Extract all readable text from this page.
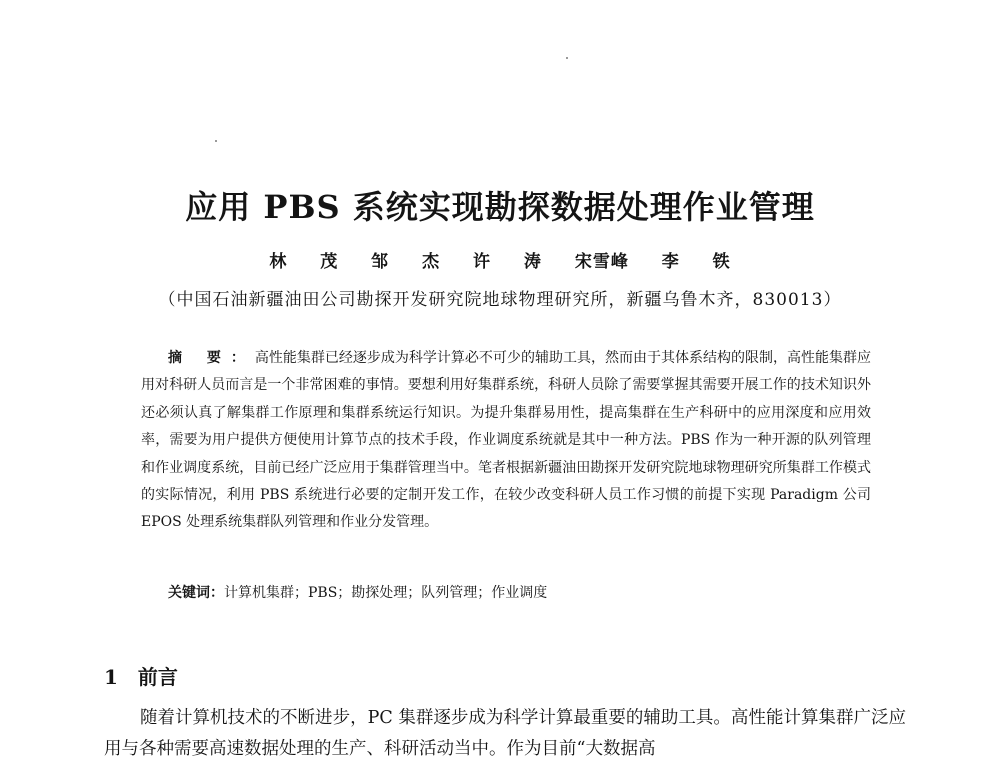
应用 PBS 系统实现勘探数据处理作业管理
林 茂 邹 杰 许 涛 宋雪峰 李 铁
（中国石油新疆油田公司勘探开发研究院地球物理研究所，新疆乌鲁木齐，830013）

摘 要：高性能集群已经逐步成为科学计算必不可少的辅助工具，然而由于其体系结构的限制，高性能集群应用对科研人员而言是一个非常困难的事情。要想利用好集群系统，科研人员除了需要掌握其需要开展工作的技术知识外还必须认真了解集群工作原理和集群系统运行知识。为提升集群易用性，提高集群在生产科研中的应用深度和应用效率，需要为用户提供方便使用计算节点的技术手段，作业调度系统就是其中一种方法。PBS 作为一种开源的队列管理和作业调度系统，目前已经广泛应用于集群管理当中。笔者根据新疆油田勘探开发研究院地球物理研究所集群工作模式的实际情况，利用 PBS 系统进行必要的定制开发工作，在较少改变科研人员工作习惯的前提下实现 Paradigm 公司 EPOS 处理系统集群队列管理和作业分发管理。

关键词：计算机集群；PBS；勘探处理；队列管理；作业调度

1 前言

随着计算机技术的不断进步，PC 集群逐步成为科学计算最重要的辅助工具。高性能计算集群广泛应用与各种需要高速数据处理的生产、科研活动当中。作为目前“大数据高
